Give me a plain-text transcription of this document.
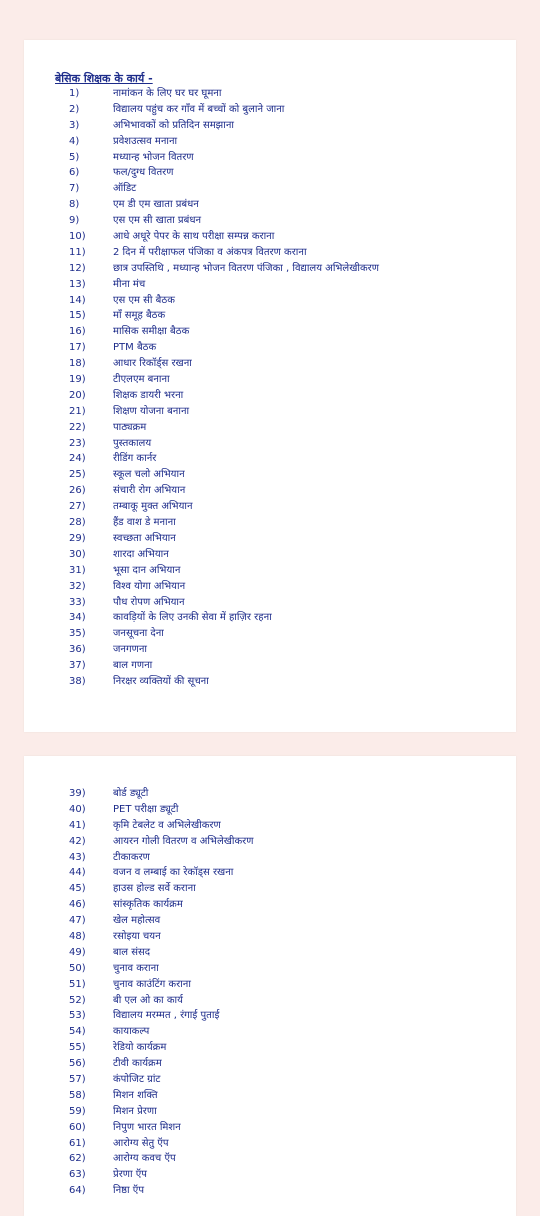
बेसिक शिक्षक के कार्य -
1)	नामांकन के लिए घर घर घूमना
2)	विद्यालय पहुंच कर गाँव में बच्चों को बुलाने जाना
3)	अभिभावकों को प्रतिदिन समझाना
4)	प्रवेशउत्सव मनाना
5)	मध्यान्ह भोजन वितरण
6)	फल/दुग्ध वितरण
7)	ऑडिट
8)	एम डी एम खाता प्रबंधन
9)	एस एम सी खाता प्रबंधन
10)	आधे अधूरे पेपर के साथ परीक्षा सम्पन्न कराना
11)	2 दिन में परीक्षाफल पंजिका व अंकपत्र वितरण कराना
12)	छात्र उपस्तिथि , मध्यान्ह भोजन वितरण पंजिका , विद्यालय अभिलेखीकरण
13)	मीना मंच
14)	एस एम सी बैठक
15)	माँ समूह बैठक
16)	मासिक समीक्षा बैठक
17)	PTM बैठक
18)	आधार रिकॉर्ड्स रखना
19)	टीएलएम बनाना
20)	शिक्षक डायरी भरना
21)	शिक्षण योजना बनाना
22)	पाठ्यक्रम
23)	पुस्तकालय
24)	रीडिंग कार्नर
25)	स्कूल चलो अभियान
26)	संचारी रोग अभियान
27)	तम्बाकू मुक्त अभियान
28)	हैंड वाश डे मनाना
29)	स्वच्छता अभियान
30)	शारदा अभियान
31)	भूसा दान अभियान
32)	विश्व योगा अभियान
33)	पौध रोपण अभियान
34)	कावड़ियों के लिए उनकी सेवा में हाज़िर रहना
35)	जनसूचना देना
36)	जनगणना
37)	बाल गणना
38)	निरक्षर व्यक्तियों की सूचना
39)	बोर्ड ड्यूटी
40)	PET परीक्षा ड्यूटी
41)	कृमि टेबलेट व अभिलेखीकरण
42)	आयरन गोली वितरण व अभिलेखीकरण
43)	टीकाकरण
44)	वजन व लम्बाई का रेकॉड्स रखना
45)	हाउस होल्ड सर्वे कराना
46)	सांस्कृतिक कार्यक्रम
47)	खेल महोत्सव
48)	रसोइया चयन
49)	बाल संसद
50)	चुनाव कराना
51)	चुनाव काउंटिंग कराना
52)	बी एल ओ का कार्य
53)	विद्यालय मरम्मत , रंगाई पुताई
54)	कायाकल्प
55)	रेडियो कार्यक्रम
56)	टीवी कार्यक्रम
57)	कंपोजिट ग्रांट
58)	मिशन शक्ति
59)	मिशन प्रेरणा
60)	निपुण भारत मिशन
61)	आरोग्य सेतु ऍप
62)	आरोग्य कवच ऍप
63)	प्रेरणा ऍप
64)	निष्ठा ऍप
